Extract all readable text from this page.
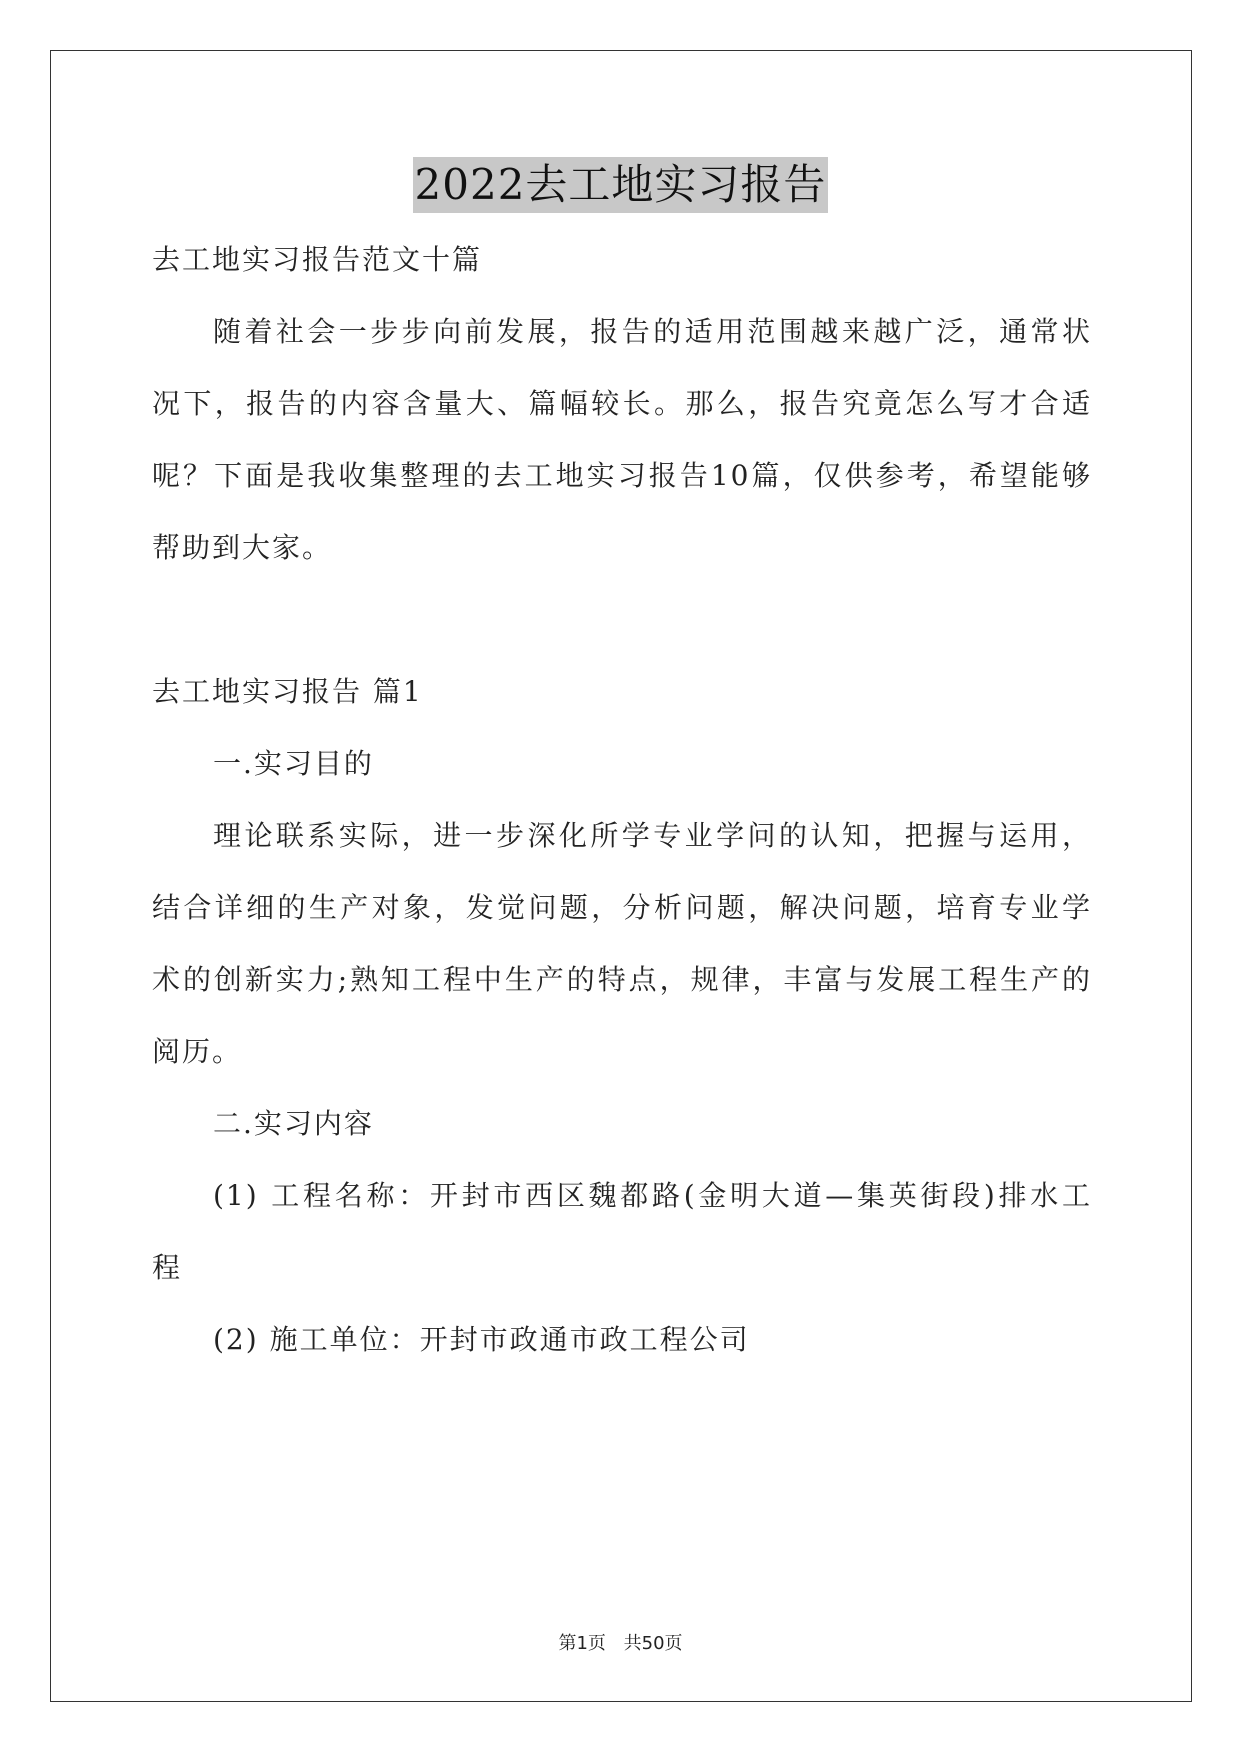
2022去工地实习报告
去工地实习报告范文十篇
随着社会一步步向前发展，报告的适用范围越来越广泛，通常状
况下，报告的内容含量大、篇幅较长。那么，报告究竟怎么写才合适
呢？下面是我收集整理的去工地实习报告10篇，仅供参考，希望能够
帮助到大家。
去工地实习报告 篇1
一.实习目的
理论联系实际，进一步深化所学专业学问的认知，把握与运用，
结合详细的生产对象，发觉问题，分析问题，解决问题，培育专业学
术的创新实力;熟知工程中生产的特点，规律，丰富与发展工程生产的
阅历。
二.实习内容
(1) 工程名称：开封市西区魏都路(金明大道—集英街段)排水工
程
(2) 施工单位：开封市政通市政工程公司
第1页 共50页
